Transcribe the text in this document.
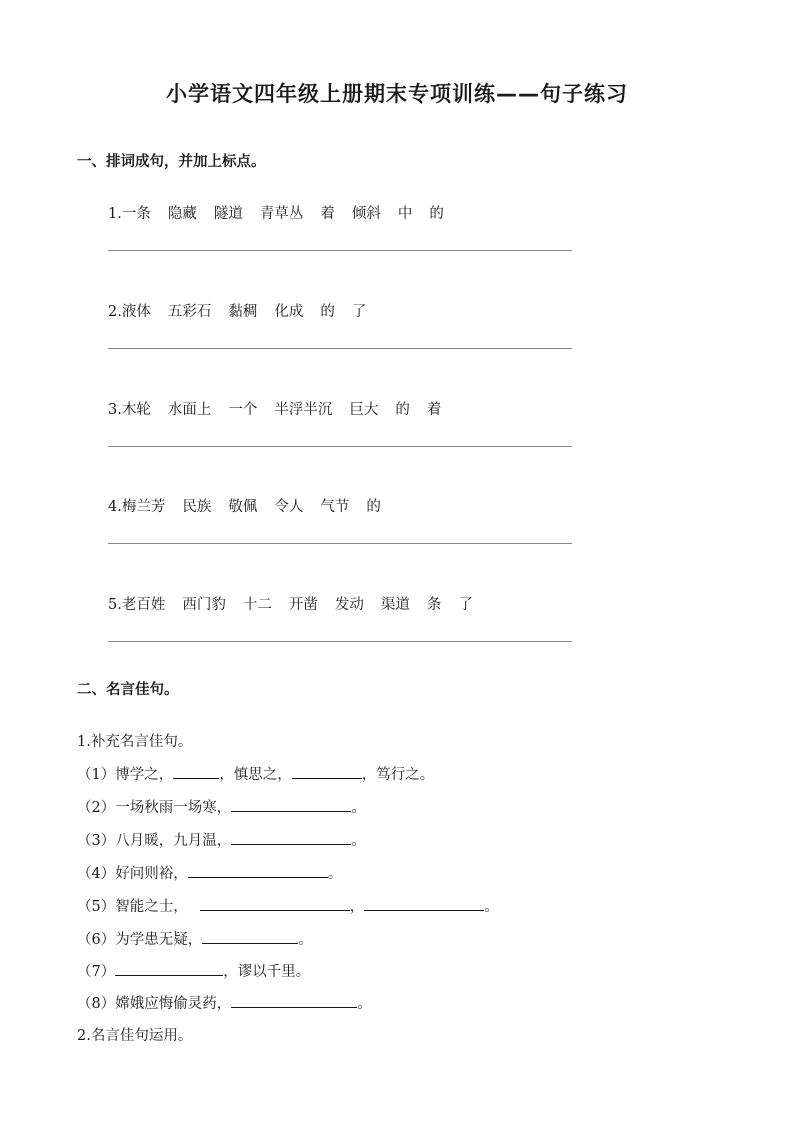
小学语文四年级上册期末专项训练——句子练习
一、排词成句，并加上标点。
1.一条 隐藏 隧道 青草丛 着 倾斜 中 的
2.液体 五彩石 黏稠 化成 的 了
3.木轮 水面上 一个 半浮半沉 巨大 的 着
4.梅兰芳 民族 敬佩 令人 气节 的
5.老百姓 西门豹 十二 开凿 发动 渠道 条 了
二、名言佳句。
1.补充名言佳句。
（1）博学之，	，慎思之，	，笃行之。
（2）一场秋雨一场寒，	。
（3）八月暖，九月温，	。
（4）好问则裕，	。
（5）智能之士，	，	。
（6）为学患无疑，	。
（7）	，谬以千里。
（8）嫦娥应悔偷灵药，	。
2.名言佳句运用。
